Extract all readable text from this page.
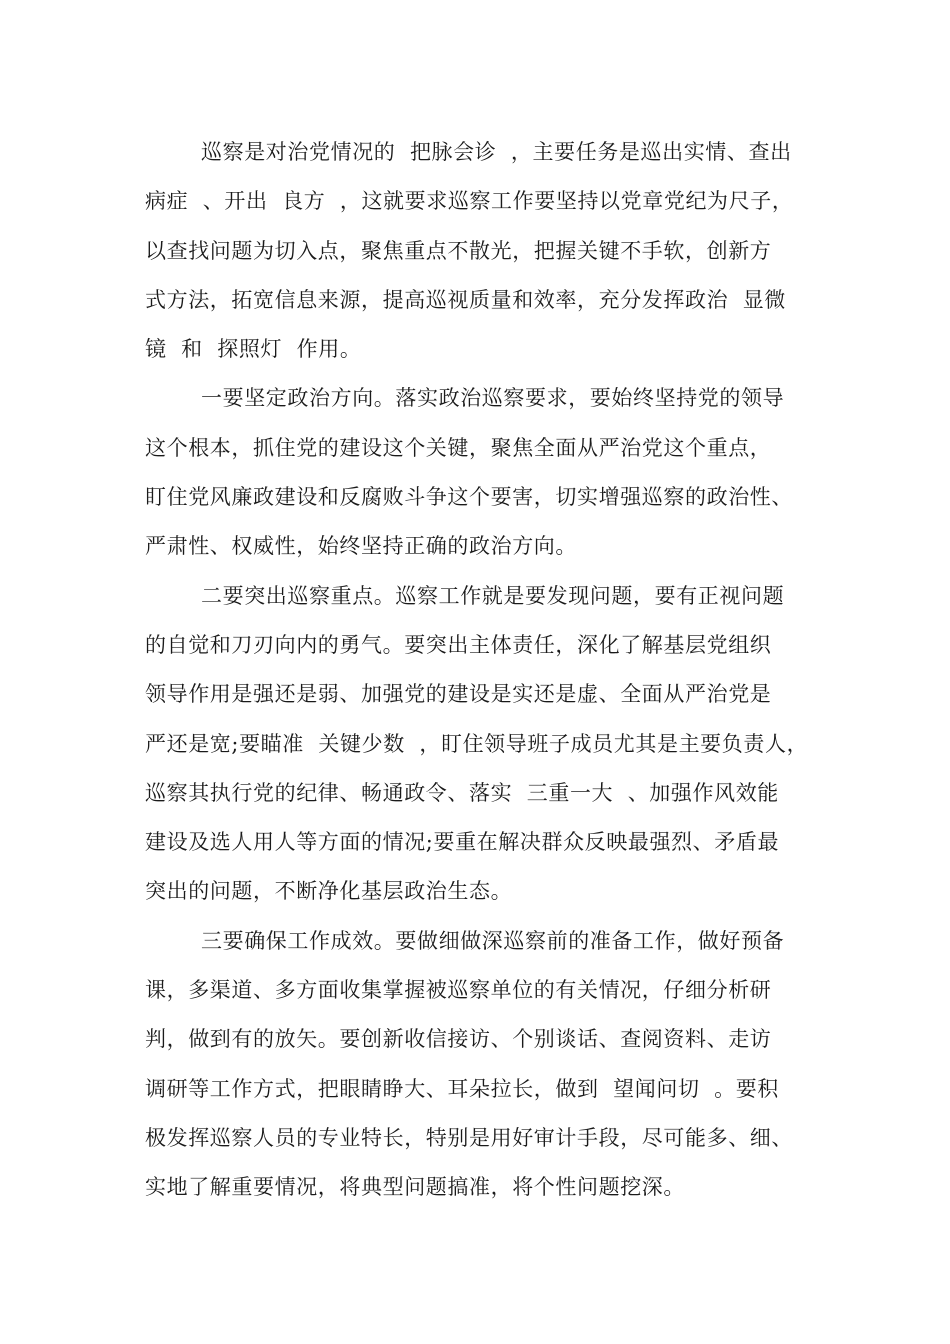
巡察是对治党情况的  把脉会诊  ，主要任务是巡出实情、查出
病症  、开出  良方  ，这就要求巡察工作要坚持以党章党纪为尺子，
以查找问题为切入点，聚焦重点不散光，把握关键不手软，创新方
式方法，拓宽信息来源，提高巡视质量和效率，充分发挥政治  显微
镜  和  探照灯  作用。
一要坚定政治方向。落实政治巡察要求，要始终坚持党的领导
这个根本，抓住党的建设这个关键，聚焦全面从严治党这个重点，
盯住党风廉政建设和反腐败斗争这个要害，切实增强巡察的政治性、
严肃性、权威性，始终坚持正确的政治方向。
二要突出巡察重点。巡察工作就是要发现问题，要有正视问题
的自觉和刀刃向内的勇气。要突出主体责任，深化了解基层党组织
领导作用是强还是弱、加强党的建设是实还是虚、全面从严治党是
严还是宽;要瞄准  关键少数  ，盯住领导班子成员尤其是主要负责人，
巡察其执行党的纪律、畅通政令、落实  三重一大  、加强作风效能
建设及选人用人等方面的情况;要重在解决群众反映最强烈、矛盾最
突出的问题，不断净化基层政治生态。
三要确保工作成效。要做细做深巡察前的准备工作，做好预备
课，多渠道、多方面收集掌握被巡察单位的有关情况，仔细分析研
判，做到有的放矢。要创新收信接访、个别谈话、查阅资料、走访
调研等工作方式，把眼睛睁大、耳朵拉长，做到  望闻问切  。要积
极发挥巡察人员的专业特长，特别是用好审计手段，尽可能多、细、
实地了解重要情况，将典型问题搞准，将个性问题挖深。
